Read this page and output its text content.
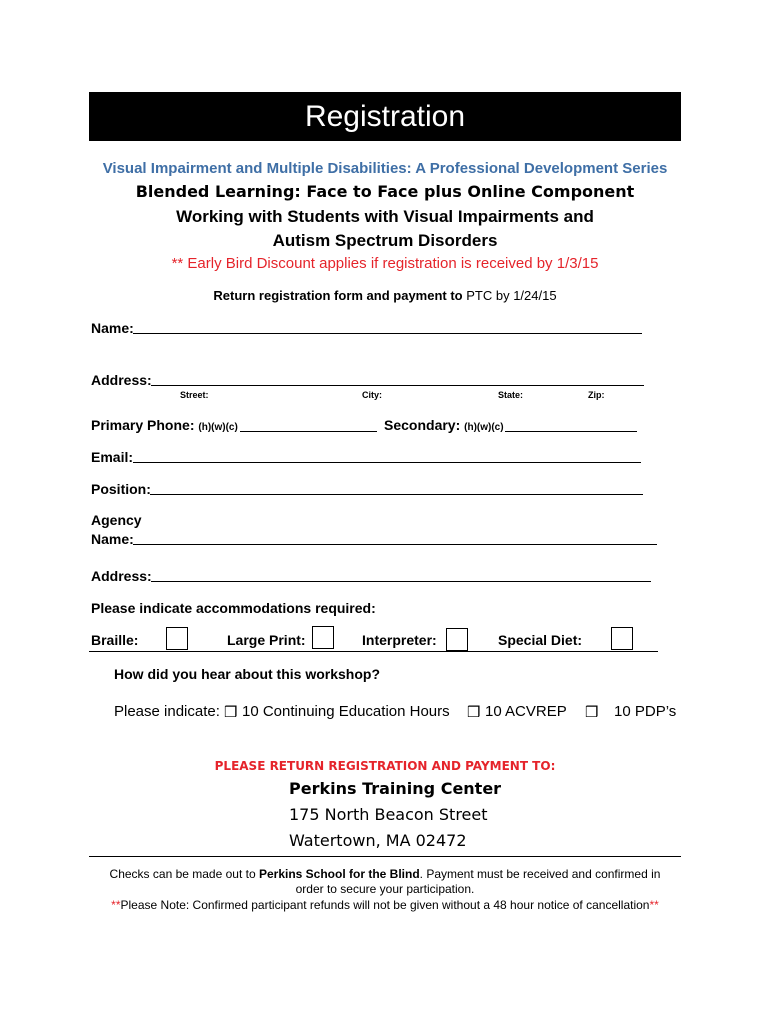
Registration
Visual Impairment and Multiple Disabilities: A Professional Development Series
Blended Learning: Face to Face plus Online Component
Working with Students with Visual Impairments and
Autism Spectrum Disorders
** Early Bird Discount applies if registration is received by 1/3/15
Return registration form and payment to PTC by 1/24/15
Name:
Address:
Street:	City:	State:	Zip:
Primary Phone: (h)(w)(c)	Secondary: (h)(w)(c)
Email:
Position:
Agency
Name:
Address:
Please indicate accommodations required:
Braille:	Large Print:	Interpreter:	Special Diet:
How did you hear about this workshop?
Please indicate: ❒ 10 Continuing Education Hours ❒ 10 ACVREP ❒ 10 PDP’s
PLEASE RETURN REGISTRATION AND PAYMENT TO:
Perkins Training Center
175 North Beacon Street
Watertown, MA 02472
Checks can be made out to Perkins School for the Blind. Payment must be received and confirmed in
order to secure your participation.
**Please Note: Confirmed participant refunds will not be given without a 48 hour notice of cancellation**
